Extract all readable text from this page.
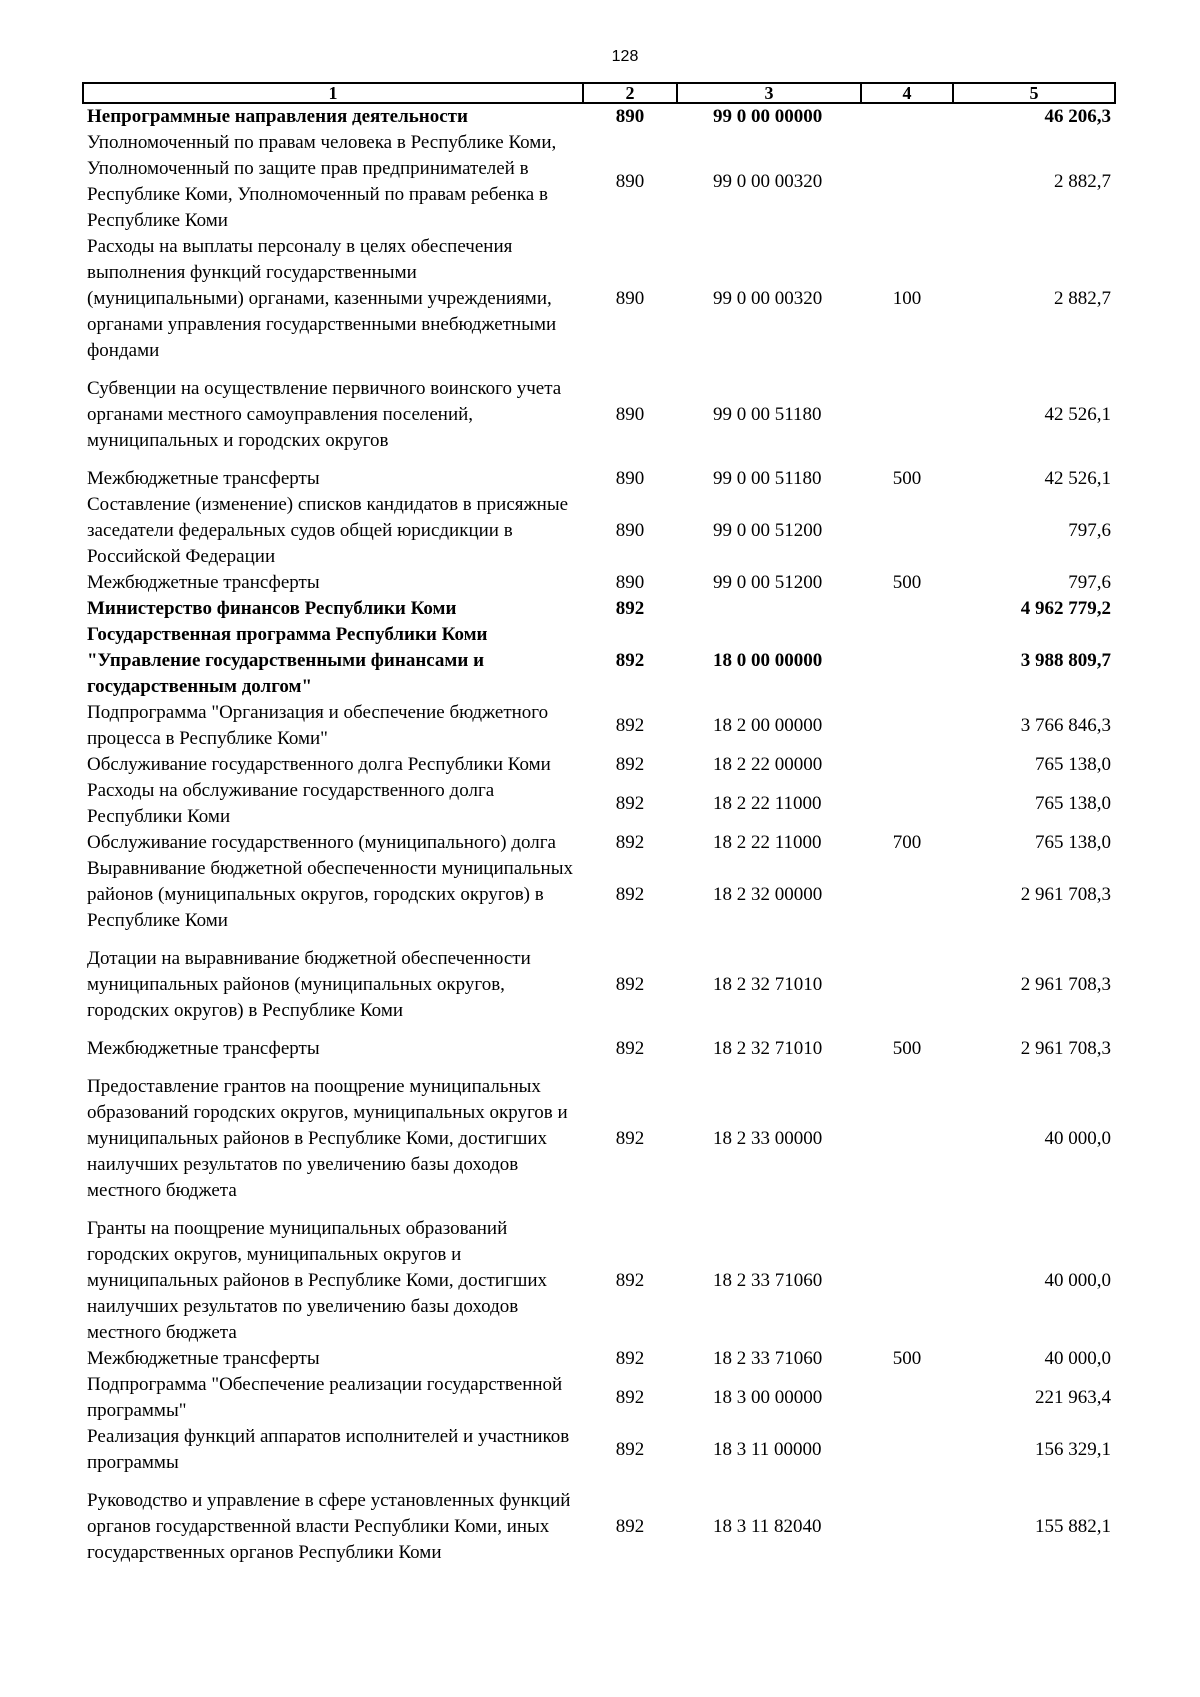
128
1	2	3	4	5
Непрограммные направления деятельности	890	99 0 00 00000		46 206,3
Уполномоченный по правам человека в Республике Коми, Уполномоченный по защите прав предпринимателей в Республике Коми, Уполномоченный по правам ребенка в Республике Коми	890	99 0 00 00320		2 882,7
Расходы на выплаты персоналу в целях обеспечения выполнения функций государственными (муниципальными) органами, казенными учреждениями, органами управления государственными внебюджетными фондами	890	99 0 00 00320	100	2 882,7
Субвенции на осуществление первичного воинского учета органами местного самоуправления поселений, муниципальных и городских округов	890	99 0 00 51180		42 526,1
Межбюджетные трансферты	890	99 0 00 51180	500	42 526,1
Составление (изменение) списков кандидатов в присяжные заседатели федеральных судов общей юрисдикции в Российской Федерации	890	99 0 00 51200		797,6
Межбюджетные трансферты	890	99 0 00 51200	500	797,6
Министерство финансов Республики Коми	892			4 962 779,2
Государственная программа Республики Коми "Управление государственными финансами и государственным долгом"	892	18 0 00 00000		3 988 809,7
Подпрограмма "Организация и обеспечение бюджетного процесса в Республике Коми"	892	18 2 00 00000		3 766 846,3
Обслуживание государственного долга Республики Коми	892	18 2 22 00000		765 138,0
Расходы на обслуживание государственного долга Республики Коми	892	18 2 22 11000		765 138,0
Обслуживание государственного (муниципального) долга	892	18 2 22 11000	700	765 138,0
Выравнивание бюджетной обеспеченности муниципальных районов (муниципальных округов, городских округов) в Республике Коми	892	18 2 32 00000		2 961 708,3
Дотации на выравнивание бюджетной обеспеченности муниципальных районов (муниципальных округов, городских округов) в Республике Коми	892	18 2 32 71010		2 961 708,3
Межбюджетные трансферты	892	18 2 32 71010	500	2 961 708,3
Предоставление грантов на поощрение муниципальных образований городских округов, муниципальных округов и муниципальных районов в Республике Коми, достигших наилучших результатов по увеличению базы доходов местного бюджета	892	18 2 33 00000		40 000,0
Гранты на поощрение муниципальных образований городских округов, муниципальных округов и муниципальных районов в Республике Коми, достигших наилучших результатов по увеличению базы доходов местного бюджета	892	18 2 33 71060		40 000,0
Межбюджетные трансферты	892	18 2 33 71060	500	40 000,0
Подпрограмма "Обеспечение реализации государственной программы"	892	18 3 00 00000		221 963,4
Реализация функций аппаратов исполнителей и участников программы	892	18 3 11 00000		156 329,1
Руководство и управление в сфере установленных функций органов государственной власти Республики Коми, иных государственных органов Республики Коми	892	18 3 11 82040		155 882,1
